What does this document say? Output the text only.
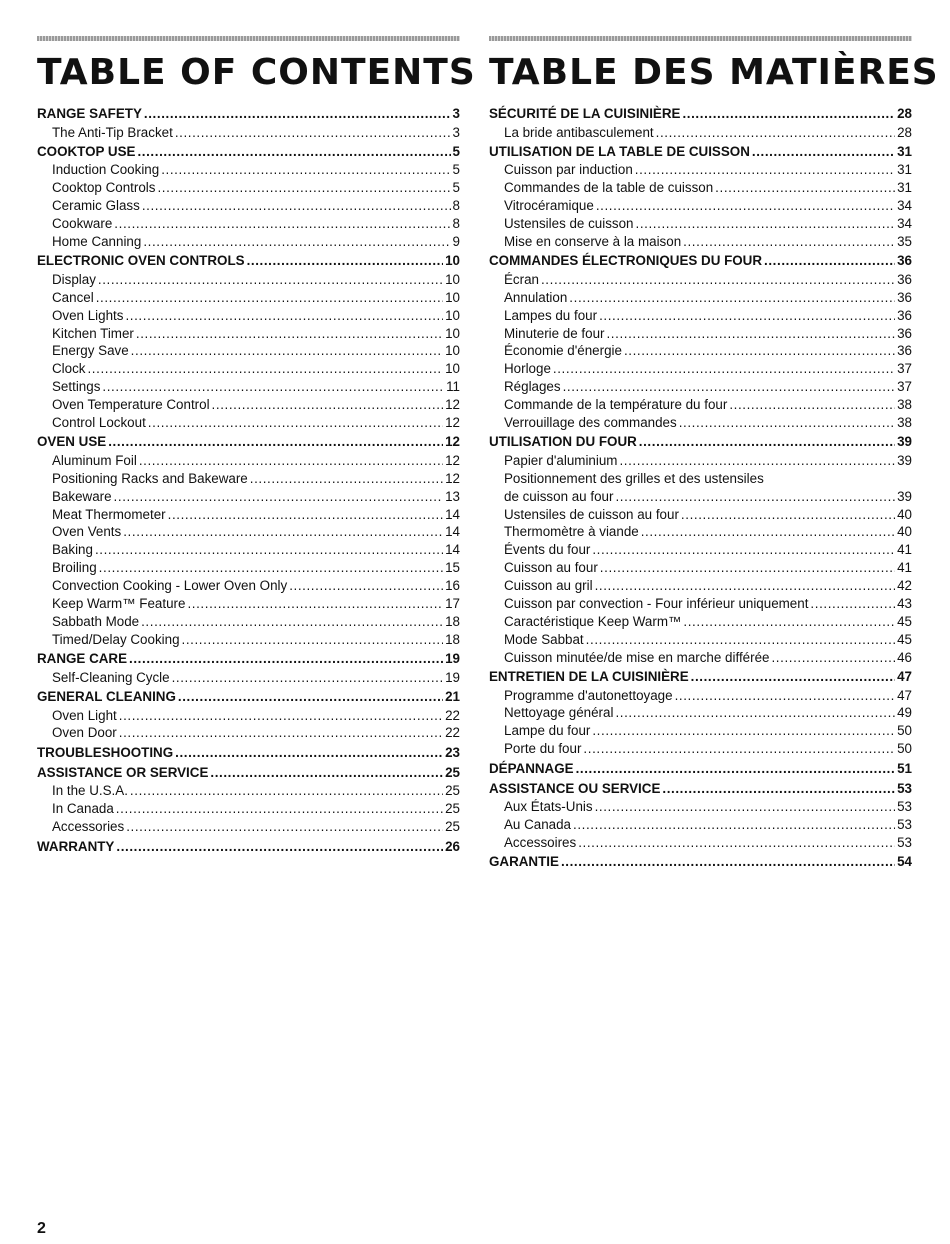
TABLE OF CONTENTS
RANGE SAFETY .....	3
The Anti-Tip Bracket .....	3
COOKTOP USE .....	5
Induction Cooking .....	5
Cooktop Controls .....	5
Ceramic Glass .....	8
Cookware .....	8
Home Canning .....	9
ELECTRONIC OVEN CONTROLS .....	10
Display .....	10
Cancel .....	10
Oven Lights .....	10
Kitchen Timer .....	10
Energy Save .....	10
Clock .....	10
Settings .....	11
Oven Temperature Control .....	12
Control Lockout .....	12
OVEN USE .....	12
Aluminum Foil .....	12
Positioning Racks and Bakeware .....	12
Bakeware .....	13
Meat Thermometer .....	14
Oven Vents .....	14
Baking .....	14
Broiling .....	15
Convection Cooking - Lower Oven Only .....	16
Keep Warm™ Feature .....	17
Sabbath Mode .....	18
Timed/Delay Cooking .....	18
RANGE CARE .....	19
Self-Cleaning Cycle .....	19
GENERAL CLEANING .....	21
Oven Light .....	22
Oven Door .....	22
TROUBLESHOOTING .....	23
ASSISTANCE OR SERVICE .....	25
In the U.S.A. .....	25
In Canada .....	25
Accessories .....	25
WARRANTY .....	26
TABLE DES MATIÈRES
SÉCURITÉ DE LA CUISINIÈRE .....	28
La bride antibasculement .....	28
UTILISATION DE LA TABLE DE CUISSON .....	31
Cuisson par induction .....	31
Commandes de la table de cuisson .....	31
Vitrocéramique .....	34
Ustensiles de cuisson .....	34
Mise en conserve à la maison .....	35
COMMANDES ÉLECTRONIQUES DU FOUR .....	36
Écran .....	36
Annulation .....	36
Lampes du four .....	36
Minuterie de four .....	36
Économie d'énergie .....	36
Horloge .....	37
Réglages .....	37
Commande de la température du four .....	38
Verrouillage des commandes .....	38
UTILISATION DU FOUR .....	39
Papier d'aluminium .....	39
Positionnement des grilles et des ustensiles
de cuisson au four .....	39
Ustensiles de cuisson au four .....	40
Thermomètre à viande .....	40
Évents du four .....	41
Cuisson au four .....	41
Cuisson au gril .....	42
Cuisson par convection - Four inférieur uniquement .....	43
Caractéristique Keep Warm™ .....	45
Mode Sabbat .....	45
Cuisson minutée/de mise en marche différée .....	46
ENTRETIEN DE LA CUISINIÈRE .....	47
Programme d'autonettoyage .....	47
Nettoyage général .....	49
Lampe du four .....	50
Porte du four .....	50
DÉPANNAGE .....	51
ASSISTANCE OU SERVICE .....	53
Aux États-Unis .....	53
Au Canada .....	53
Accessoires .....	53
GARANTIE .....	54
2
